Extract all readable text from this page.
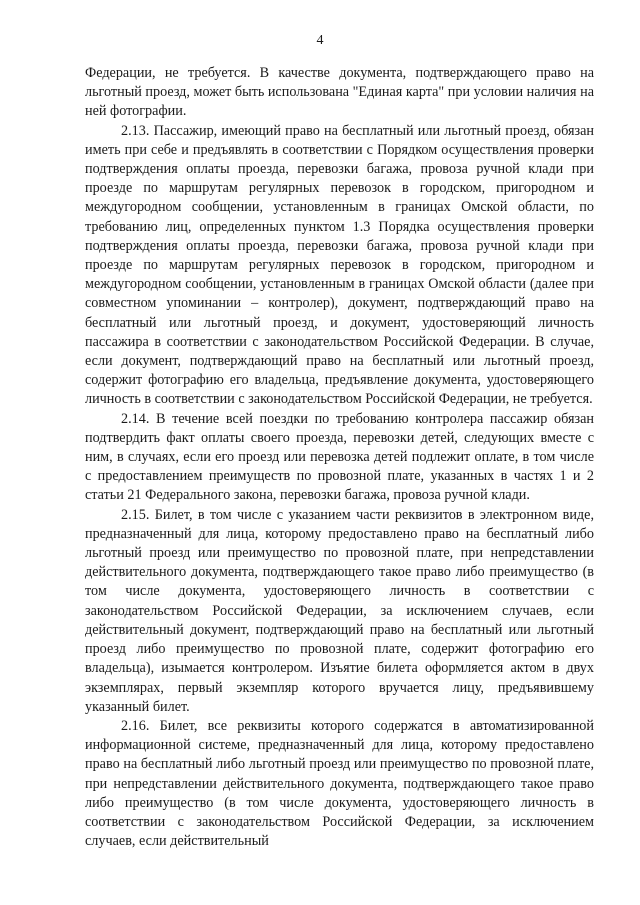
4

Федерации, не требуется. В качестве документа, подтверждающего право на льготный проезд, может быть использована "Единая карта" при условии наличия на ней фотографии.

2.13. Пассажир, имеющий право на бесплатный или льготный проезд, обязан иметь при себе и предъявлять в соответствии с Порядком осуществления проверки подтверждения оплаты проезда, перевозки багажа, провоза ручной клади при проезде по маршрутам регулярных перевозок в городском, пригородном и междугородном сообщении, установленным в границах Омской области, по требованию лиц, определенных пунктом 1.3 Порядка осуществления проверки подтверждения оплаты проезда, перевозки багажа, провоза ручной клади при проезде по маршрутам регулярных перевозок в городском, пригородном и междугородном сообщении, установленным в границах Омской области (далее при совместном упоминании – контролер), документ, подтверждающий право на бесплатный или льготный проезд, и документ, удостоверяющий личность пассажира в соответствии с законодательством Российской Федерации. В случае, если документ, подтверждающий право на бесплатный или льготный проезд, содержит фотографию его владельца, предъявление документа, удостоверяющего личность в соответствии с законодательством Российской Федерации, не требуется.

2.14. В течение всей поездки по требованию контролера пассажир обязан подтвердить факт оплаты своего проезда, перевозки детей, следующих вместе с ним, в случаях, если его проезд или перевозка детей подлежит оплате, в том числе с предоставлением преимуществ по провозной плате, указанных в частях 1 и 2 статьи 21 Федерального закона, перевозки багажа, провоза ручной клади.

2.15. Билет, в том числе с указанием части реквизитов в электронном виде, предназначенный для лица, которому предоставлено право на бесплатный либо льготный проезд или преимущество по провозной плате, при непредставлении действительного документа, подтверждающего такое право либо преимущество (в том числе документа, удостоверяющего личность в соответствии с законодательством Российской Федерации, за исключением случаев, если действительный документ, подтверждающий право на бесплатный или льготный проезд либо преимущество по провозной плате, содержит фотографию его владельца), изымается контролером. Изъятие билета оформляется актом в двух экземплярах, первый экземпляр которого вручается лицу, предъявившему указанный билет.

2.16. Билет, все реквизиты которого содержатся в автоматизированной информационной системе, предназначенный для лица, которому предоставлено право на бесплатный либо льготный проезд или преимущество по провозной плате, при непредставлении действительного документа, подтверждающего такое право либо преимущество (в том числе документа, удостоверяющего личность в соответствии с законодательством Российской Федерации, за исключением случаев, если действительный
